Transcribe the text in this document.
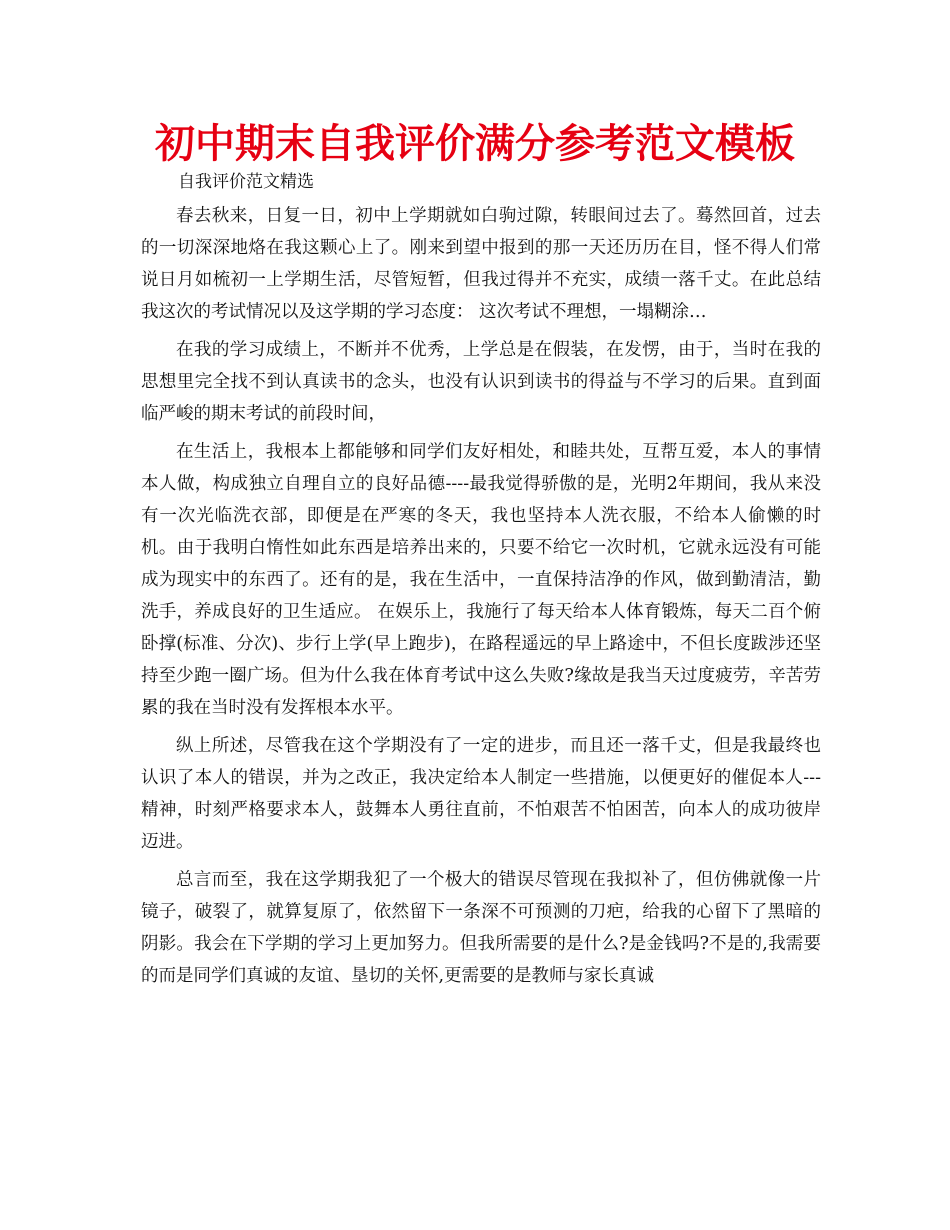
初中期末自我评价满分参考范文模板
自我评价范文精选

春去秋来，日复一日，初中上学期就如白驹过隙，转眼间过去了。蓦然回首，过去的一切深深地烙在我这颗心上了。刚来到望中报到的那一天还历历在目，怪不得人们常说日月如梳初一上学期生活，尽管短暂，但我过得并不充实，成绩一落千丈。在此总结我这次的考试情况以及这学期的学习态度： 这次考试不理想，一塌糊涂…

在我的学习成绩上，不断并不优秀，上学总是在假装，在发愣，由于，当时在我的思想里完全找不到认真读书的念头，也没有认识到读书的得益与不学习的后果。直到面临严峻的期末考试的前段时间，

在生活上，我根本上都能够和同学们友好相处，和睦共处，互帮互爱，本人的事情本人做，构成独立自理自立的良好品德----最我觉得骄傲的是，光明2年期间，我从来没有一次光临洗衣部，即便是在严寒的冬天，我也坚持本人洗衣服，不给本人偷懒的时机。由于我明白惰性如此东西是培养出来的，只要不给它一次时机，它就永远没有可能成为现实中的东西了。还有的是，我在生活中，一直保持洁净的作风，做到勤清洁，勤洗手，养成良好的卫生适应。 在娱乐上，我施行了每天给本人体育锻炼，每天二百个俯卧撑(标准、分次)、步行上学(早上跑步)，在路程遥远的早上路途中，不但长度跋涉还坚持至少跑一圈广场。但为什么我在体育考试中这么失败?缘故是我当天过度疲劳，辛苦劳累的我在当时没有发挥根本水平。

纵上所述，尽管我在这个学期没有了一定的进步，而且还一落千丈，但是我最终也认识了本人的错误，并为之改正，我决定给本人制定一些措施，以便更好的催促本人---精神，时刻严格要求本人，鼓舞本人勇往直前，不怕艰苦不怕困苦，向本人的成功彼岸迈进。

总言而至，我在这学期我犯了一个极大的错误尽管现在我拟补了，但仿佛就像一片镜子，破裂了，就算复原了，依然留下一条深不可预测的刀疤，给我的心留下了黑暗的阴影。我会在下学期的学习上更加努力。但我所需要的是什么?是金钱吗?不是的,我需要的而是同学们真诚的友谊、垦切的关怀,更需要的是教师与家长真诚
